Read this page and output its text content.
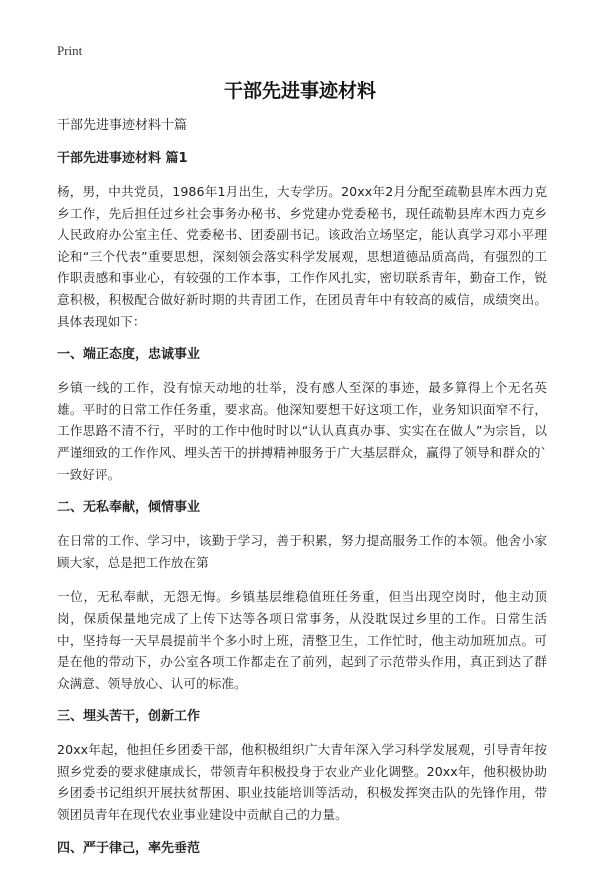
Print
干部先进事迹材料

干部先进事迹材料十篇

干部先进事迹材料 篇1

杨，男，中共党员，1986年1月出生，大专学历。20xx年2月分配至疏勒县库木西力克乡工作，先后担任过乡社会事务办秘书、乡党建办党委秘书，现任疏勒县库木西力克乡人民政府办公室主任、党委秘书、团委副书记。该政治立场坚定，能认真学习邓小平理论和“三个代表”重要思想，深刻领会落实科学发展观，思想道德品质高尚，有强烈的工作职责感和事业心，有较强的工作本事，工作作风扎实，密切联系青年，勤奋工作，锐意积极，积极配合做好新时期的共青团工作，在团员青年中有较高的威信，成绩突出。具体表现如下：

一、端正态度，忠诚事业

乡镇一线的工作，没有惊天动地的壮举，没有感人至深的事迹，最多算得上个无名英雄。平时的日常工作任务重，要求高。他深知要想干好这项工作，业务知识面窄不行，工作思路不清不行，平时的工作中他时时以“认认真真办事、实实在在做人”为宗旨，以严谨细致的工作作风、埋头苦干的拼搏精神服务于广大基层群众，赢得了领导和群众的`一致好评。

二、无私奉献，倾情事业

在日常的工作、学习中，该勤于学习，善于积累，努力提高服务工作的本领。他舍小家顾大家，总是把工作放在第

一位，无私奉献，无怨无悔。乡镇基层维稳值班任务重，但当出现空岗时，他主动顶岗，保质保量地完成了上传下达等各项日常事务，从没耽误过乡里的工作。日常生活中，坚持每一天早晨提前半个多小时上班，清整卫生，工作忙时，他主动加班加点。可是在他的带动下，办公室各项工作都走在了前列，起到了示范带头作用，真正到达了群众满意、领导放心、认可的标准。

三、埋头苦干，创新工作

20xx年起，他担任乡团委干部，他积极组织广大青年深入学习科学发展观，引导青年按照乡党委的要求健康成长，带领青年积极投身于农业产业化调整。20xx年，他积极协助乡团委书记组织开展扶贫帮困、职业技能培训等活动，积极发挥突击队的先锋作用，带领团员青年在现代农业事业建设中贡献自己的力量。

四、严于律己，率先垂范
